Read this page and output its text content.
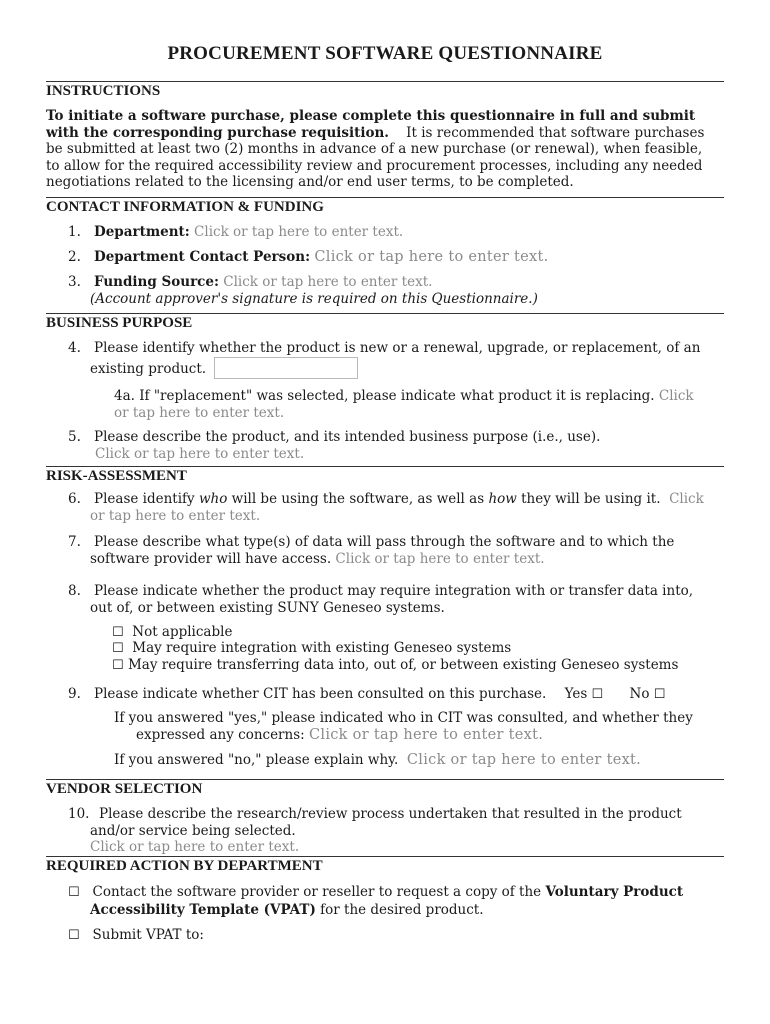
PROCUREMENT SOFTWARE QUESTIONNAIRE
INSTRUCTIONS
To initiate a software purchase, please complete this questionnaire in full and submit
with the corresponding purchase requisition. It is recommended that software purchases
be submitted at least two (2) months in advance of a new purchase (or renewal), when feasible,
to allow for the required accessibility review and procurement processes, including any needed
negotiations related to the licensing and/or end user terms, to be completed.
CONTACT INFORMATION & FUNDING
1. Department: Click or tap here to enter text.
2. Department Contact Person: Click or tap here to enter text.
3. Funding Source: Click or tap here to enter text.
(Account approver's signature is required on this Questionnaire.)
BUSINESS PURPOSE
4. Please identify whether the product is new or a renewal, upgrade, or replacement, of an
existing product.
4a. If "replacement" was selected, please indicate what product it is replacing. Click
or tap here to enter text.
5. Please describe the product, and its intended business purpose (i.e., use).
Click or tap here to enter text.
RISK-ASSESSMENT
6. Please identify who will be using the software, as well as how they will be using it. Click
or tap here to enter text.
7. Please describe what type(s) of data will pass through the software and to which the
software provider will have access. Click or tap here to enter text.
8. Please indicate whether the product may require integration with or transfer data into,
out of, or between existing SUNY Geneseo systems.
☐ Not applicable
☐ May require integration with existing Geneseo systems
☐ May require transferring data into, out of, or between existing Geneseo systems
9. Please indicate whether CIT has been consulted on this purchase. Yes ☐ No ☐
If you answered "yes," please indicated who in CIT was consulted, and whether they
expressed any concerns: Click or tap here to enter text.
If you answered "no," please explain why. Click or tap here to enter text.
VENDOR SELECTION
10. Please describe the research/review process undertaken that resulted in the product
and/or service being selected.
Click or tap here to enter text.
REQUIRED ACTION BY DEPARTMENT
☐ Contact the software provider or reseller to request a copy of the Voluntary Product
Accessibility Template (VPAT) for the desired product.
☐ Submit VPAT to:
